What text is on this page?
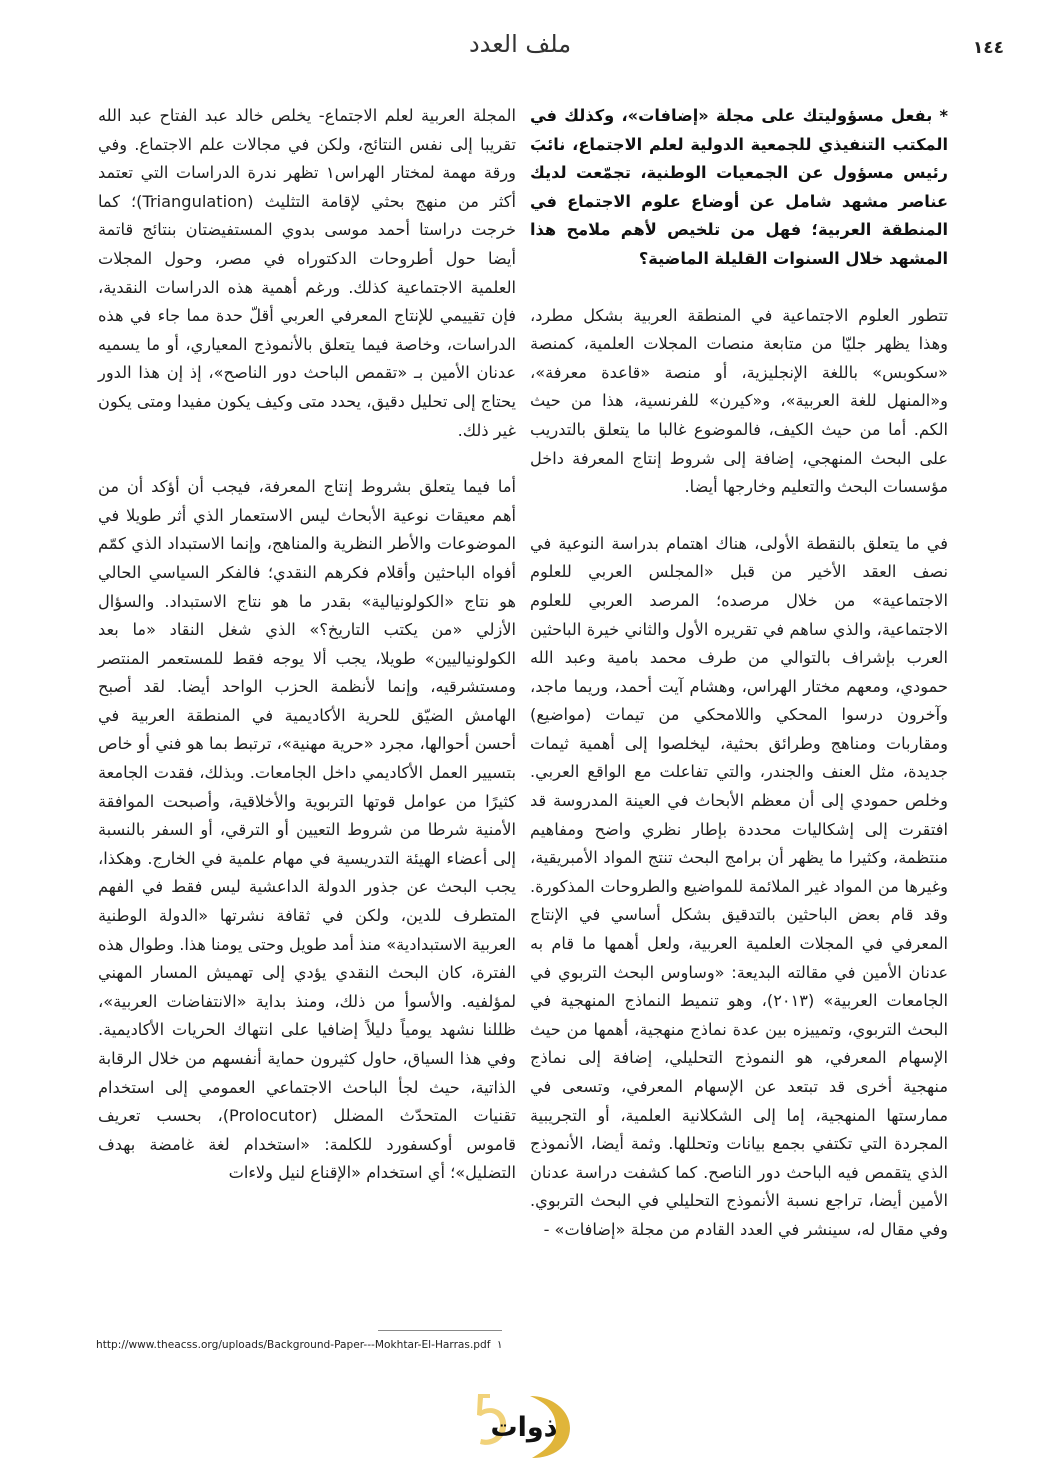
١٤٤
ملف العدد

* بفعل مسؤوليتك على مجلة «إضافات»، وكذلك في المكتب التنفيذي للجمعية الدولية لعلم الاجتماع، نائبَ رئيس مسؤول عن الجمعيات الوطنية، تجمّعت لديك عناصر مشهد شامل عن أوضاع علوم الاجتماع في المنطقة العربية؛ فهل من تلخيص لأهم ملامح هذا المشهد خلال السنوات القليلة الماضية؟

تتطور العلوم الاجتماعية في المنطقة العربية بشكل مطرد، وهذا يظهر جليّا من متابعة منصات المجلات العلمية، كمنصة «سكوبس» باللغة الإنجليزية، أو منصة «قاعدة معرفة»، و«المنهل للغة العربية»، و«كيرن» للفرنسية، هذا من حيث الكم. أما من حيث الكيف، فالموضوع غالبا ما يتعلق بالتدريب على البحث المنهجي، إضافة إلى شروط إنتاج المعرفة داخل مؤسسات البحث والتعليم وخارجها أيضا.

في ما يتعلق بالنقطة الأولى، هناك اهتمام بدراسة النوعية في نصف العقد الأخير من قبل «المجلس العربي للعلوم الاجتماعية» من خلال مرصده؛ المرصد العربي للعلوم الاجتماعية، والذي ساهم في تقريره الأول والثاني خيرة الباحثين العرب بإشراف بالتوالي من طرف محمد بامية وعبد الله حمودي، ومعهم مختار الهراس، وهشام آيت أحمد، وريما ماجد، وآخرون درسوا المحكي واللامحكي من تيمات (مواضيع) ومقاربات ومناهج وطرائق بحثية، ليخلصوا إلى أهمية ثيمات جديدة، مثل العنف والجندر، والتي تفاعلت مع الواقع العربي. وخلص حمودي إلى أن معظم الأبحاث في العينة المدروسة قد افتقرت إلى إشكاليات محددة بإطار نظري واضح ومفاهيم منتظمة، وكثيرا ما يظهر أن برامج البحث تنتج المواد الأمبريقية، وغيرها من المواد غير الملائمة للمواضيع والطروحات المذكورة. وقد قام بعض الباحثين بالتدقيق بشكل أساسي في الإنتاج المعرفي في المجلات العلمية العربية، ولعل أهمها ما قام به عدنان الأمين في مقالته البديعة: «وساوس البحث التربوي في الجامعات العربية» (٢٠١٣)، وهو تنميط النماذج المنهجية في البحث التربوي، وتمييزه بين عدة نماذج منهجية، أهمها من حيث الإسهام المعرفي، هو النموذج التحليلي، إضافة إلى نماذج منهجية أخرى قد تبتعد عن الإسهام المعرفي، وتسعى في ممارستها المنهجية، إما إلى الشكلانية العلمية، أو التجريبية المجردة التي تكتفي بجمع بيانات وتحللها. وثمة أيضا، الأنموذج الذي يتقمص فيه الباحث دور الناصح. كما كشفت دراسة عدنان الأمين أيضا، تراجع نسبة الأنموذج التحليلي في البحث التربوي. وفي مقال له، سينشر في العدد القادم من مجلة «إضافات» -

المجلة العربية لعلم الاجتماع- يخلص خالد عبد الفتاح عبد الله تقريبا إلى نفس النتائج، ولكن في مجالات علم الاجتماع. وفي ورقة مهمة لمختار الهراس١ تظهر ندرة الدراسات التي تعتمد أكثر من منهج بحثي لإقامة التثليث (Triangulation)؛ كما خرجت دراستا أحمد موسى بدوي المستفيضتان بنتائج قاتمة أيضا حول أطروحات الدكتوراه في مصر، وحول المجلات العلمية الاجتماعية كذلك. ورغم أهمية هذه الدراسات النقدية، فإن تقييمي للإنتاج المعرفي العربي أقلّ حدة مما جاء في هذه الدراسات، وخاصة فيما يتعلق بالأنموذج المعياري، أو ما يسميه عدنان الأمين بـ «تقمص الباحث دور الناصح»، إذ إن هذا الدور يحتاج إلى تحليل دقيق، يحدد متى وكيف يكون مفيدا ومتى يكون غير ذلك.

أما فيما يتعلق بشروط إنتاج المعرفة، فيجب أن أؤكد أن من أهم معيقات نوعية الأبحاث ليس الاستعمار الذي أثر طويلا في الموضوعات والأطر النظرية والمناهج، وإنما الاستبداد الذي كمّم أفواه الباحثين وأقلام فكرهم النقدي؛ فالفكر السياسي الحالي هو نتاج «الكولونيالية» بقدر ما هو نتاج الاستبداد. والسؤال الأزلي «من يكتب التاريخ؟» الذي شغل النقاد «ما بعد الكولونياليين» طويلا، يجب ألا يوجه فقط للمستعمر المنتصر ومستشرقيه، وإنما لأنظمة الحزب الواحد أيضا. لقد أصبح الهامش الضيّق للحرية الأكاديمية في المنطقة العربية في أحسن أحوالها، مجرد «حرية مهنية»، ترتبط بما هو فني أو خاص بتسيير العمل الأكاديمي داخل الجامعات. وبذلك، فقدت الجامعة كثيرًا من عوامل قوتها التربوية والأخلاقية، وأصبحت الموافقة الأمنية شرطا من شروط التعيين أو الترقي، أو السفر بالنسبة إلى أعضاء الهيئة التدريسية في مهام علمية في الخارج. وهكذا، يجب البحث عن جذور الدولة الداعشية ليس فقط في الفهم المتطرف للدين، ولكن في ثقافة نشرتها «الدولة الوطنية العربية الاستبدادية» منذ أمد طويل وحتى يومنا هذا. وطوال هذه الفترة، كان البحث النقدي يؤدي إلى تهميش المسار المهني لمؤلفيه. والأسوأ من ذلك، ومنذ بداية «الانتفاضات العربية»، ظللنا نشهد يومياً دليلاً إضافيا على انتهاك الحريات الأكاديمية. وفي هذا السياق، حاول كثيرون حماية أنفسهم من خلال الرقابة الذاتية، حيث لجأ الباحث الاجتماعي العمومي إلى استخدام تقنيات المتحدّث المضلل (Prolocutor)، بحسب تعريف قاموس أوكسفورد للكلمة: «استخدام لغة غامضة بهدف التضليل»؛ أي استخدام «الإقناع لنيل ولاءات

http://www.theacss.org/uploads/Background-Paper---Mokhtar-El-Harras.pdf ١
ذوات
